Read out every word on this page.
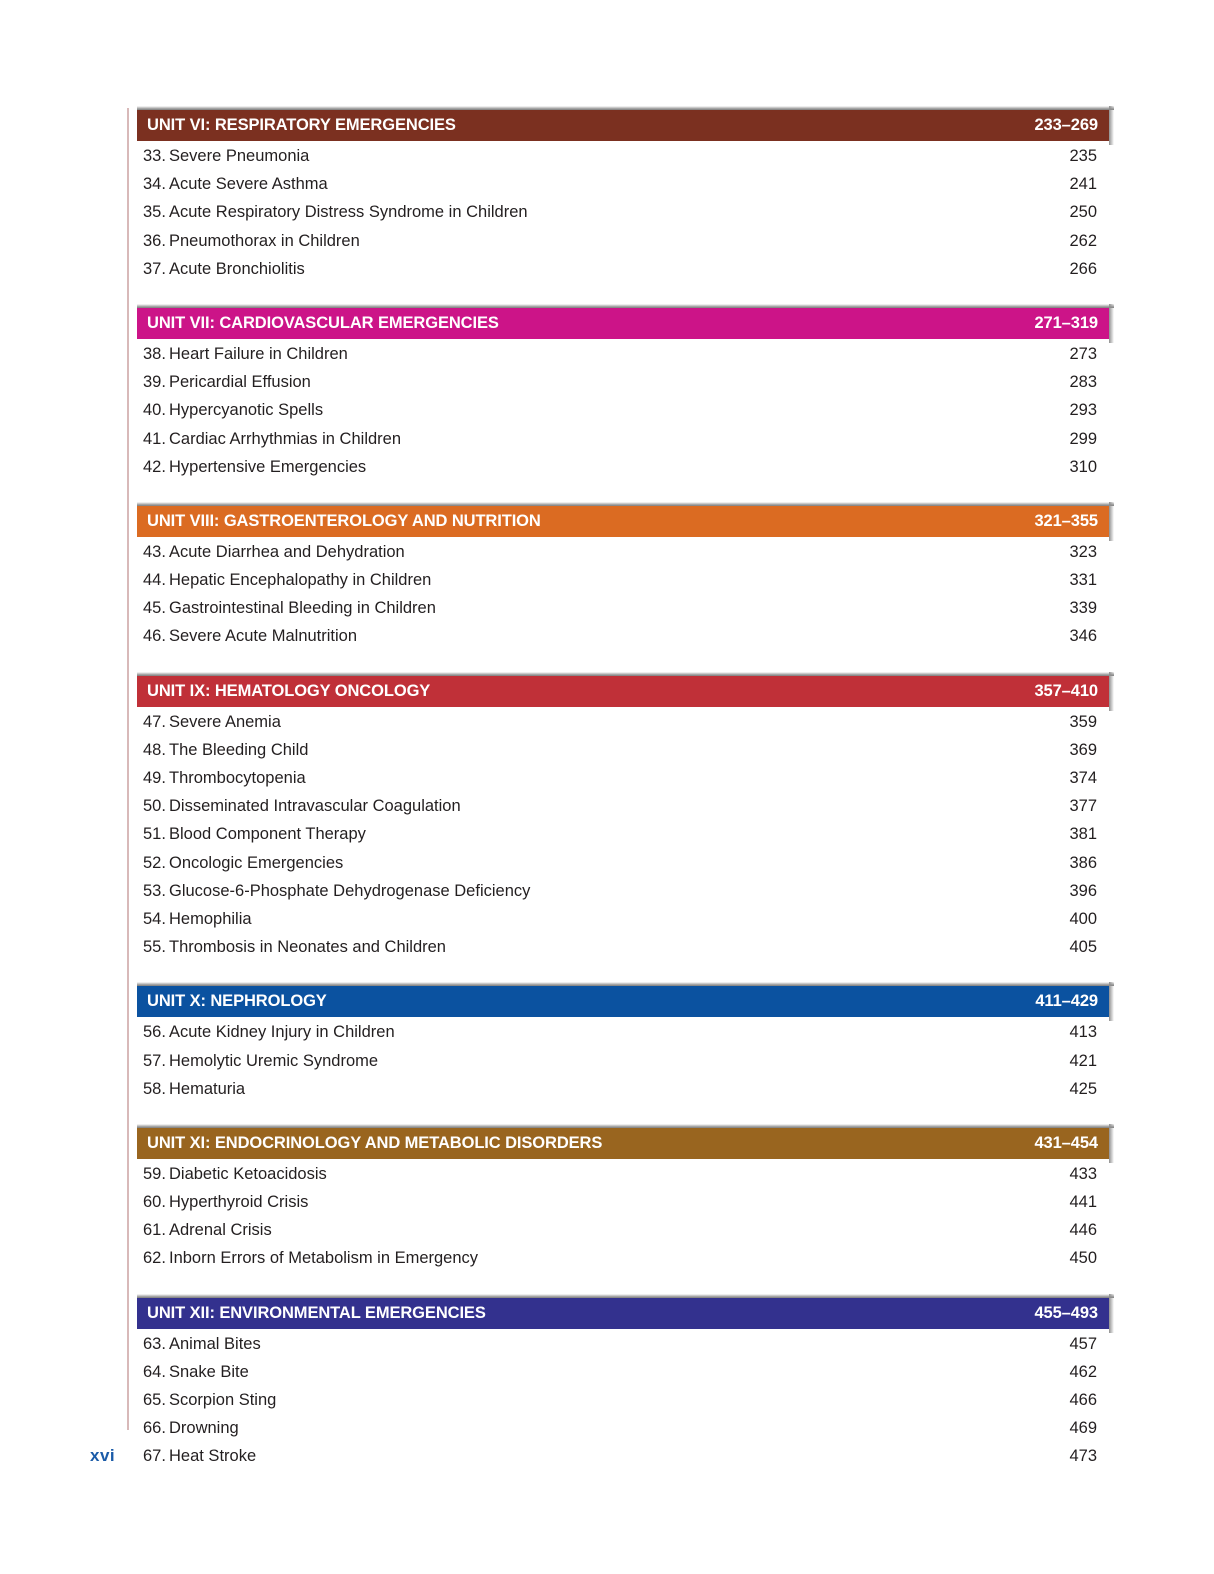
xvi
UNIT VI: RESPIRATORY EMERGENCIES	233–269
33. Severe Pneumonia	235
34. Acute Severe Asthma	241
35. Acute Respiratory Distress Syndrome in Children	250
36. Pneumothorax in Children	262
37. Acute Bronchiolitis	266
UNIT VII: CARDIOVASCULAR EMERGENCIES	271–319
38. Heart Failure in Children	273
39. Pericardial Effusion	283
40. Hypercyanotic Spells	293
41. Cardiac Arrhythmias in Children	299
42. Hypertensive Emergencies	310
UNIT VIII: GASTROENTEROLOGY AND NUTRITION	321–355
43. Acute Diarrhea and Dehydration	323
44. Hepatic Encephalopathy in Children	331
45. Gastrointestinal Bleeding in Children	339
46. Severe Acute Malnutrition	346
UNIT IX: HEMATOLOGY ONCOLOGY	357–410
47. Severe Anemia	359
48. The Bleeding Child	369
49. Thrombocytopenia	374
50. Disseminated Intravascular Coagulation	377
51. Blood Component Therapy	381
52. Oncologic Emergencies	386
53. Glucose-6-Phosphate Dehydrogenase Deficiency	396
54. Hemophilia	400
55. Thrombosis in Neonates and Children	405
UNIT X: NEPHROLOGY	411–429
56. Acute Kidney Injury in Children	413
57. Hemolytic Uremic Syndrome	421
58. Hematuria	425
UNIT XI: ENDOCRINOLOGY AND METABOLIC DISORDERS	431–454
59. Diabetic Ketoacidosis	433
60. Hyperthyroid Crisis	441
61. Adrenal Crisis	446
62. Inborn Errors of Metabolism in Emergency	450
UNIT XII: ENVIRONMENTAL EMERGENCIES	455–493
63. Animal Bites	457
64. Snake Bite	462
65. Scorpion Sting	466
66. Drowning	469
67. Heat Stroke	473
